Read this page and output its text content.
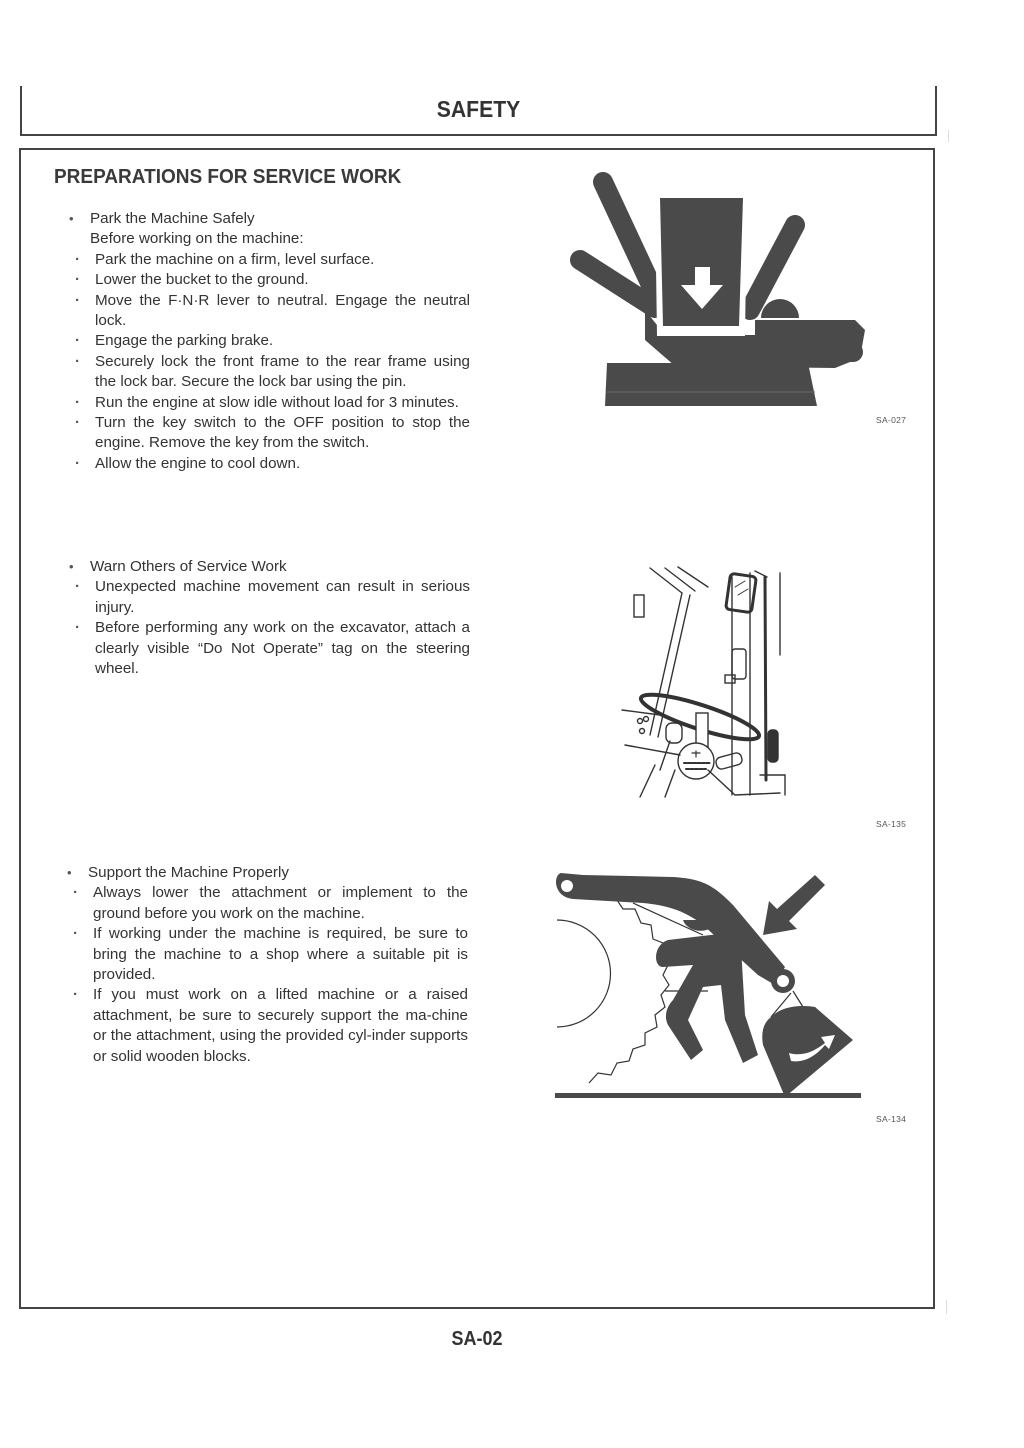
SAFETY
PREPARATIONS FOR SERVICE WORK
• Park the Machine Safely
Before working on the machine:
· Park the machine on a firm, level surface.
· Lower the bucket to the ground.
· Move the F·N·R lever to neutral. Engage the neutral lock.
· Engage the parking brake.
· Securely lock the front frame to the rear frame using the lock bar. Secure the lock bar using the pin.
· Run the engine at slow idle without load for 3 minutes.
· Turn the key switch to the OFF position to stop the engine. Remove the key from the switch.
· Allow the engine to cool down.
• Warn Others of Service Work
· Unexpected machine movement can result in serious injury.
· Before performing any work on the excavator, attach a clearly visible “Do Not Operate” tag on the steering wheel.
• Support the Machine Properly
· Always lower the attachment or implement to the ground before you work on the machine.
· If working under the machine is required, be sure to bring the machine to a shop where a suitable pit is provided.
· If you must work on a lifted machine or a raised attachment, be sure to securely support the ma-chine or the attachment, using the provided cyl-inder supports or solid wooden blocks.
SA-027
SA-135
SA-134
SA-02
